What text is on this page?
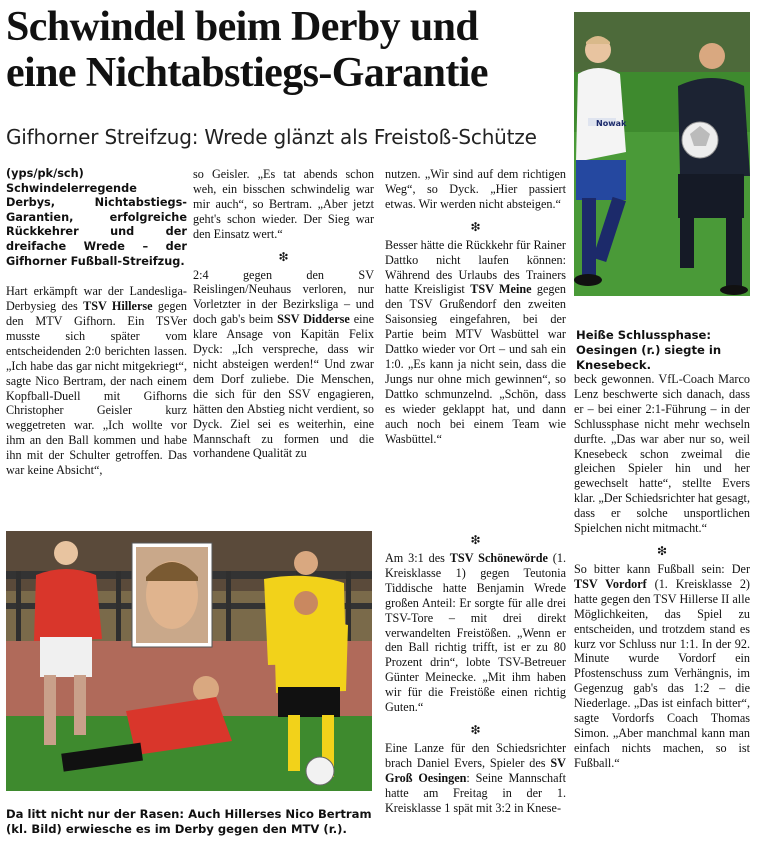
Schwindel beim Derby und
eine Nichtabstiegs-Garantie

Gifhorner Streifzug: Wrede glänzt als Freistoß-Schütze

Nowak

Heiße Schlussphase: Oesingen (r.) siegte in Knesebeck.

(yps/pk/sch) Schwindelerregende Derbys, Nichtabstiegs-Garantien, erfolgreiche Rückkehrer und der dreifache Wrede – der Gifhorner Fußball-Streifzug.

Hart erkämpft war der Landesliga-Derbysieg des TSV Hillerse gegen den MTV Gifhorn. Ein TSVer musste sich später vom entscheidenden 2:0 berichten lassen. „Ich habe das gar nicht mitgekriegt“, sagte Nico Bertram, der nach einem Kopfball-Duell mit Gifhorns Christopher Geisler kurz weggetreten war. „Ich wollte vor ihm an den Ball kommen und habe ihn mit der Schulter getroffen. Das war keine Absicht“,

so Geisler. „Es tat abends schon weh, ein bisschen schwindelig war mir auch“, so Bertram. „Aber jetzt geht's schon wieder. Der Sieg war den Einsatz wert.“

❇

2:4 gegen den SV Reislingen/Neuhaus verloren, nur Vorletzter in der Bezirksliga – und doch gab's beim SSV Didderse eine klare Ansage von Kapitän Felix Dyck: „Ich verspreche, dass wir nicht absteigen werden!“ Und zwar dem Dorf zuliebe. Die Menschen, die sich für den SSV engagieren, hätten den Abstieg nicht verdient, so Dyck. Ziel sei es weiterhin, eine Mannschaft zu formen und die vorhandene Qualität zu

nutzen. „Wir sind auf dem richtigen Weg“, so Dyck. „Hier passiert etwas. Wir werden nicht absteigen.“

❇

Besser hätte die Rückkehr für Rainer Dattko nicht laufen können: Während des Urlaubs des Trainers hatte Kreisligist TSV Meine gegen den TSV Grußendorf den zweiten Saisonsieg eingefahren, bei der Partie beim MTV Wasbüttel war Dattko wieder vor Ort – und sah ein 1:0. „Es kann ja nicht sein, dass die Jungs nur ohne mich gewinnen“, so Dattko schmunzelnd. „Schön, dass es wieder geklappt hat, und dann auch noch bei einem Team wie Wasbüttel.“

❇

Am 3:1 des TSV Schönewörde (1. Kreisklasse 1) gegen Teutonia Tiddische hatte Benjamin Wrede großen Anteil: Er sorgte für alle drei TSV-Tore – mit drei direkt verwandelten Freistößen. „Wenn er den Ball richtig trifft, ist er zu 80 Prozent drin“, lobte TSV-Betreuer Günter Meinecke. „Mit ihm haben wir für die Freistöße einen richtig Guten.“

❇

Eine Lanze für den Schiedsrichter brach Daniel Evers, Spieler des SV Groß Oesingen: Seine Mannschaft hatte am Freitag in der 1. Kreisklasse 1 spät mit 3:2 in Knese-

beck gewonnen. VfL-Coach Marco Lenz beschwerte sich danach, dass er – bei einer 2:1-Führung – in der Schlussphase nicht mehr wechseln durfte. „Das war aber nur so, weil Knesebeck schon zweimal die gleichen Spieler hin und her gewechselt hatte“, stellte Evers klar. „Der Schiedsrichter hat gesagt, dass er solche unsportlichen Spielchen nicht mitmacht.“

❇

So bitter kann Fußball sein: Der TSV Vordorf (1. Kreisklasse 2) hatte gegen den TSV Hillerse II alle Möglichkeiten, das Spiel zu entscheiden, und trotzdem stand es kurz vor Schluss nur 1:1. In der 92. Minute wurde Vordorf ein Pfostenschuss zum Verhängnis, im Gegenzug gab's das 1:2 – die Niederlage. „Das ist einfach bitter“, sagte Vordorfs Coach Thomas Simon. „Aber manchmal kann man einfach nichts machen, so ist Fußball.“

Da litt nicht nur der Rasen: Auch Hillerses Nico Bertram (kl. Bild) erwiesche es im Derby gegen den MTV (r.).
